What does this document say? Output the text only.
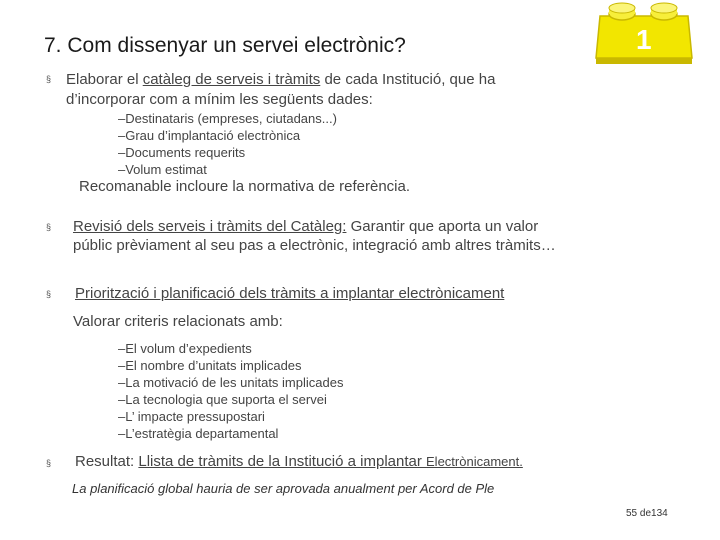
7. Com dissenyar un servei electrònic?	1
§ Elaborar el catàleg de serveis i tràmits de cada Institució, que ha
d’incorporar com a mínim les següents dades:
–Destinataris (empreses, ciutadans...)
–Grau d’implantació electrònica
–Documents requerits
–Volum estimat
Recomanable incloure la normativa de referència.
§ Revisió dels serveis i tràmits del Catàleg: Garantir que aporta un valor
públic prèviament al seu pas a electrònic, integració amb altres tràmits…
§ Priorització i planificació dels tràmits a implantar electrònicament
Valorar criteris relacionats amb:
–El volum d’expedients
–El nombre d’unitats implicades
–La motivació de les unitats implicades
–La tecnologia que suporta el servei
–L’ impacte pressupostari
–L’estratègia departamental
§ Resultat: Llista de tràmits de la Institució a implantar Electrònicament.
La planificació global hauria de ser aprovada anualment per Acord de Ple
55 de134
